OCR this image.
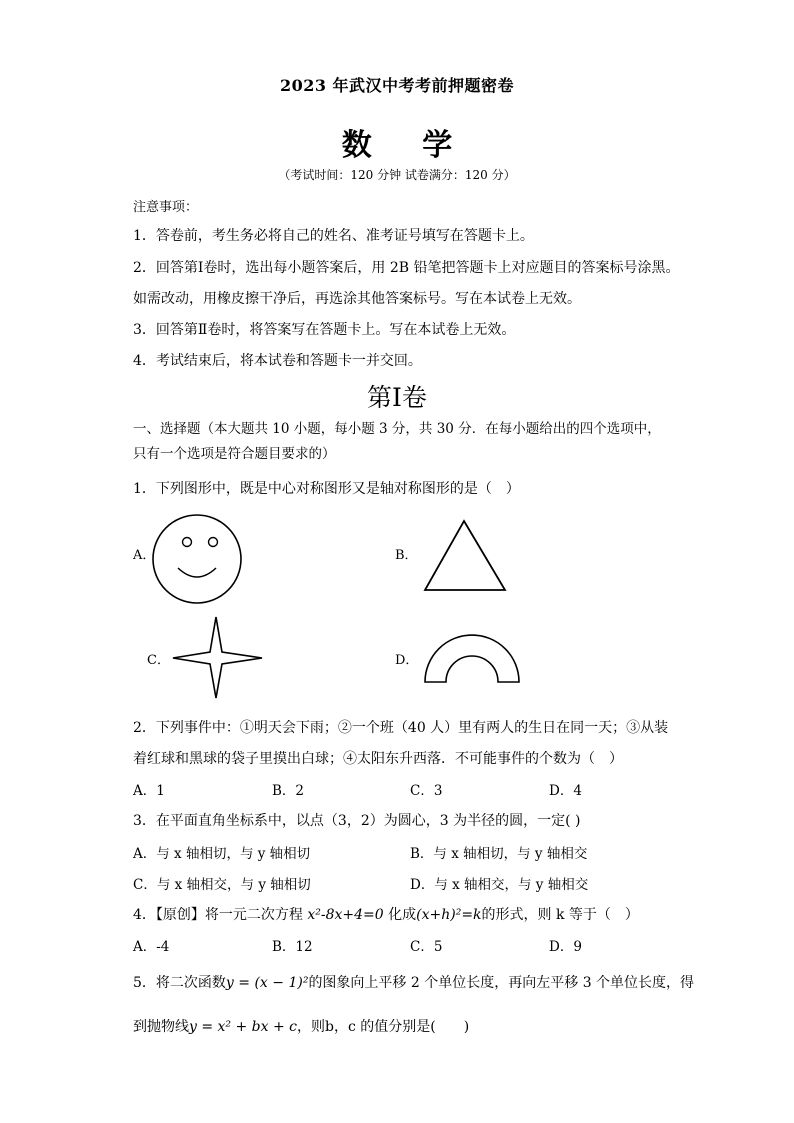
2023 年武汉中考考前押题密卷
数 学
（考试时间：120 分钟 试卷满分：120 分）
注意事项：
1．答卷前，考生务必将自己的姓名、准考证号填写在答题卡上。
2．回答第Ⅰ卷时，选出每小题答案后，用 2B 铅笔把答题卡上对应题目的答案标号涂黑。
如需改动，用橡皮擦干净后，再选涂其他答案标号。写在本试卷上无效。
3．回答第Ⅱ卷时，将答案写在答题卡上。写在本试卷上无效。
4．考试结束后，将本试卷和答题卡一并交回。
第Ⅰ卷
一、选择题（本大题共 10 小题，每小题 3 分，共 30 分．在每小题给出的四个选项中，
只有一个选项是符合题目要求的）
1．下列图形中，既是中心对称图形又是轴对称图形的是（　）
A．	B．
C．	D．
2．下列事件中：①明天会下雨；②一个班（40 人）里有两人的生日在同一天；③从装
着红球和黑球的袋子里摸出白球；④太阳东升西落．不可能事件的个数为（　）
A．1	B．2	C．3	D．4
3．在平面直角坐标系中，以点（3，2）为圆心，3 为半径的圆，一定( )
A．与 x 轴相切，与 y 轴相切	B．与 x 轴相切，与 y 轴相交
C．与 x 轴相交，与 y 轴相切	D．与 x 轴相交，与 y 轴相交
4．【原创】将一元二次方程 x²-8x+4=0 化成(x+h)²=k的形式，则 k 等于（　）
A．-4	B．12	C．5	D．9
5．将二次函数y = (x − 1)²的图象向上平移 2 个单位长度，再向左平移 3 个单位长度，得
到抛物线y = x² + bx + c，则b，c 的值分别是(　　)
